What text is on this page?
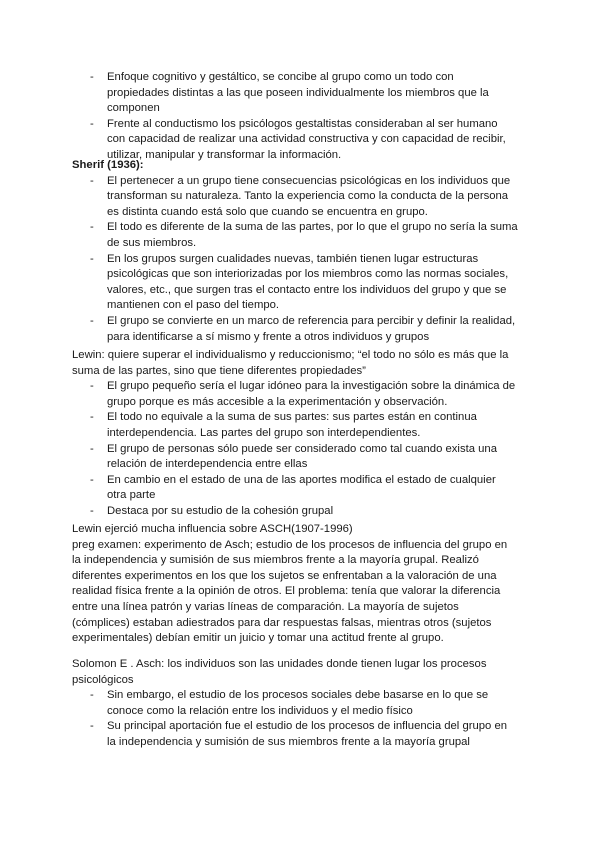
- Enfoque cognitivo y gestáltico, se concibe al grupo como un todo con propiedades distintas a las que poseen individualmente los miembros que la componen
- Frente al conductismo los psicólogos gestaltistas consideraban al ser humano con capacidad de realizar una actividad constructiva y con capacidad de recibir, utilizar, manipular y transformar la información.

Sherif (1936):

- El pertenecer a un grupo tiene consecuencias psicológicas en los individuos que transforman su naturaleza. Tanto la experiencia como la conducta de la persona es distinta cuando está solo que cuando se encuentra en grupo.
- El todo es diferente de la suma de las partes, por lo que el grupo no sería la suma de sus miembros.
- En los grupos surgen cualidades nuevas, también tienen lugar estructuras psicológicas que son interiorizadas por los miembros como las normas sociales, valores, etc., que surgen tras el contacto entre los individuos del grupo y que se mantienen con el paso del tiempo.
- El grupo se convierte en un marco de referencia para percibir y definir la realidad, para identificarse a sí mismo y frente a otros individuos y grupos

Lewin: quiere superar el individualismo y reduccionismo; “el todo no sólo es más que la suma de las partes, sino que tiene diferentes propiedades”

- El grupo pequeño sería el lugar idóneo para la investigación sobre la dinámica de grupo porque es más accesible a la experimentación y observación.
- El todo no equivale a la suma de sus partes: sus partes están en continua interdependencia. Las partes del grupo son interdependientes.
- El grupo de personas sólo puede ser considerado como tal cuando exista una relación de interdependencia entre ellas
- En cambio en el estado de una de las aportes modifica el estado de cualquier otra parte
- Destaca por su estudio de la cohesión grupal

Lewin ejerció mucha influencia sobre ASCH(1907-1996)

preg examen: experimento de Asch; estudio de los procesos de influencia del grupo en la independencia y sumisión de sus miembros frente a la mayoría grupal. Realizó diferentes experimentos en los que los sujetos se enfrentaban a la valoración de una realidad física frente a la opinión de otros. El problema: tenía que valorar la diferencia entre una línea patrón y varias líneas de comparación. La mayoría de sujetos (cómplices) estaban adiestrados para dar respuestas falsas, mientras otros (sujetos experimentales) debían emitir un juicio y tomar una actitud frente al grupo.

Solomon E . Asch: los individuos son las unidades donde tienen lugar los procesos psicológicos

- Sin embargo, el estudio de los procesos sociales debe basarse en lo que se conoce como la relación entre los individuos y el medio físico
- Su principal aportación fue el estudio de los procesos de influencia del grupo en la independencia y sumisión de sus miembros frente a la mayoría grupal
